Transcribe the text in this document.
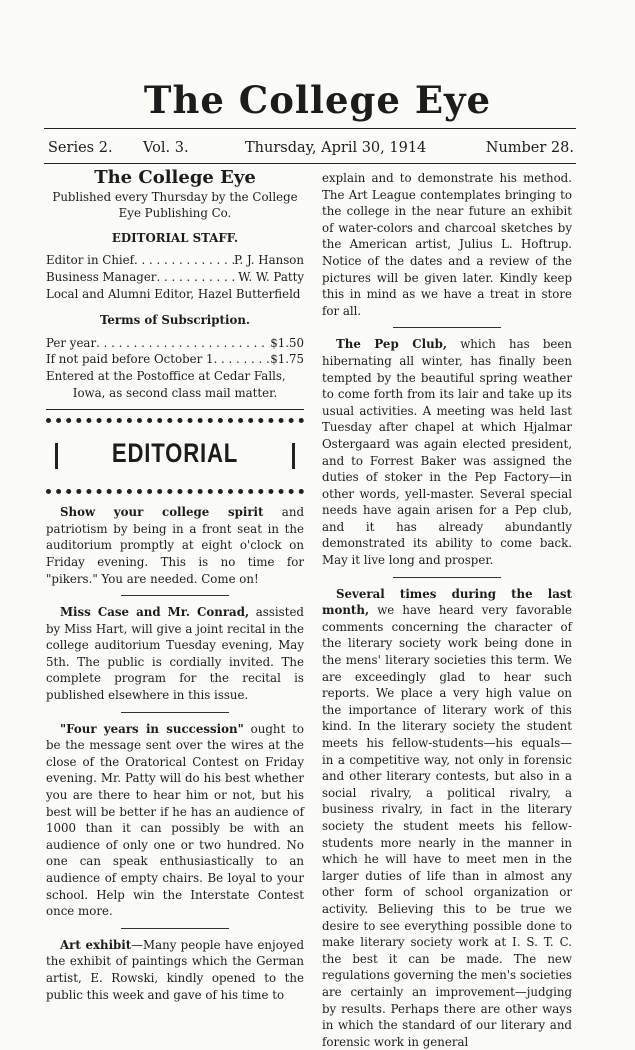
The College Eye
Series 2.	Vol. 3.	Thursday, April 30, 1914	Number 28.
The College Eye

Published every Thursday by the College

Eye Publishing Co.

EDITORIAL STAFF.
Editor in Chief . . .	P. J. Hanson
Business Manager . . .	W. W. Patty

Local and Alumni Editor, Hazel Butterfield

Terms of Subscription.
Per year . . .	$1.50
If not paid before October 1 . . .	$1.75

Entered at the Postoffice at Cedar Falls,

Iowa, as second class mail matter.

EDITORIAL

Show your college spirit and patriotism by being in a front seat in the auditorium promptly at eight o'clock on Friday evening. This is no time for "pikers." You are needed. Come on!

Miss Case and Mr. Conrad, assisted by Miss Hart, will give a joint recital in the college auditorium Tuesday evening, May 5th. The public is cordially invited. The complete program for the recital is published elsewhere in this issue.

"Four years in succession" ought to be the message sent over the wires at the close of the Oratorical Contest on Friday evening. Mr. Patty will do his best whether you are there to hear him or not, but his best will be better if he has an audience of 1000 than it can possibly be with an audience of only one or two hundred. No one can speak enthusiastically to an audience of empty chairs. Be loyal to your school. Help win the Interstate Contest once more.

Art exhibit—Many people have enjoyed the exhibit of paintings which the German artist, E. Rowski, kindly opened to the public this week and gave of his time to

explain and to demonstrate his method. The Art League contemplates bringing to the college in the near future an exhibit of water-colors and charcoal sketches by the American artist, Julius L. Hoftrup. Notice of the dates and a review of the pictures will be given later. Kindly keep this in mind as we have a treat in store for all.

The Pep Club, which has been hibernating all winter, has finally been tempted by the beautiful spring weather to come forth from its lair and take up its usual activities. A meeting was held last Tuesday after chapel at which Hjalmar Ostergaard was again elected president, and to Forrest Baker was assigned the duties of stoker in the Pep Factory—in other words, yell-master. Several special needs have again arisen for a Pep club, and it has already abundantly demonstrated its ability to come back. May it live long and prosper.

Several times during the last month, we have heard very favorable comments concerning the character of the literary society work being done in the mens' literary societies this term. We are exceedingly glad to hear such reports. We place a very high value on the importance of literary work of this kind. In the literary society the student meets his fellow-students—his equals— in a competitive way, not only in forensic and other literary contests, but also in a social rivalry, a political rivalry, a business rivalry, in fact in the literary society the student meets his fellow-students more nearly in the manner in which he will have to meet men in the larger duties of life than in almost any other form of school organization or activity. Believing this to be true we desire to see everything possible done to make literary society work at I. S. T. C. the best it can be made. The new regulations governing the men's societies are certainly an improvement—judging by results. Perhaps there are other ways in which the standard of our literary and forensic work in general
